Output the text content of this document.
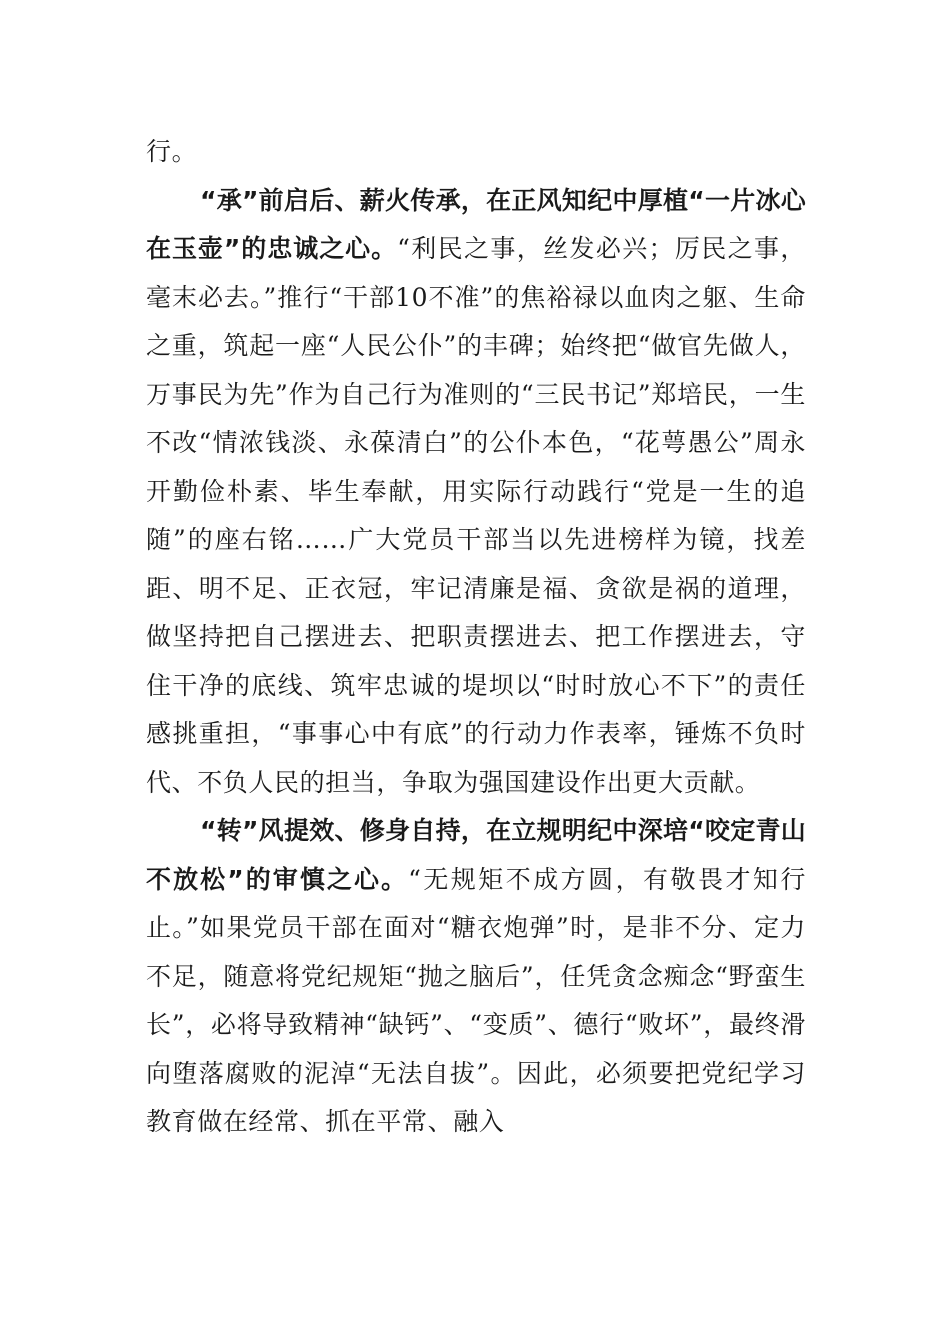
行。

“承”前启后、薪火传承，在正风知纪中厚植“一片冰心在玉壶”的忠诚之心。“利民之事，丝发必兴；厉民之事，毫末必去。”推行“干部10不准”的焦裕禄以血肉之躯、生命之重，筑起一座“人民公仆”的丰碑；始终把“做官先做人，万事民为先”作为自己行为准则的“三民书记”郑培民，一生不改“情浓钱淡、永葆清白”的公仆本色，“花萼愚公”周永开勤俭朴素、毕生奉献，用实际行动践行“党是一生的追随”的座右铭……广大党员干部当以先进榜样为镜，找差距、明不足、正衣冠，牢记清廉是福、贪欲是祸的道理，做坚持把自己摆进去、把职责摆进去、把工作摆进去，守住干净的底线、筑牢忠诚的堤坝以“时时放心不下”的责任感挑重担，“事事心中有底”的行动力作表率，锤炼不负时代、不负人民的担当，争取为强国建设作出更大贡献。

“转”风提效、修身自持，在立规明纪中深培“咬定青山不放松”的审慎之心。“无规矩不成方圆，有敬畏才知行止。”如果党员干部在面对“糖衣炮弹”时，是非不分、定力不足，随意将党纪规矩“抛之脑后”，任凭贪念痴念“野蛮生长”，必将导致精神“缺钙”、“变质”、德行“败坏”，最终滑向堕落腐败的泥淖“无法自拔”。因此，必须要把党纪学习教育做在经常、抓在平常、融入
